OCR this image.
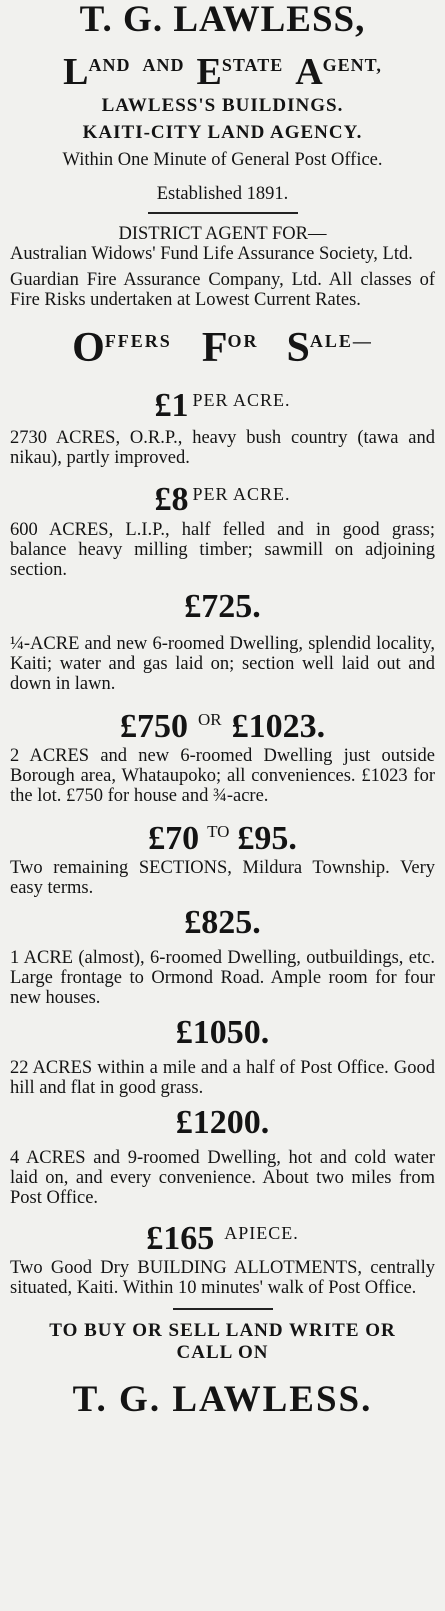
T. G. LAWLESS,
LAND AND ESTATE AGENT,
LAWLESS'S BUILDINGS.
KAITI-CITY LAND AGENCY.
Within One Minute of General Post Office.
Established 1891.
DISTRICT AGENT FOR—
Australian Widows' Fund Life Assurance Society, Ltd.
Guardian Fire Assurance Company, Ltd. All classes of Fire Risks undertaken at Lowest Current Rates.
OFFERS FOR SALE—
£1 PER ACRE.
2730 ACRES, O.R.P., heavy bush country (tawa and nikau), partly improved.
£8 PER ACRE.
600 ACRES, L.I.P., half felled and in good grass; balance heavy milling timber; sawmill on adjoining section.
£725.
¼-ACRE and new 6-roomed Dwelling, splendid locality, Kaiti; water and gas laid on; section well laid out and down in lawn.
£750 OR £1023.
2 ACRES and new 6-roomed Dwelling just outside Borough area, Whataupoko; all conveniences. £1023 for the lot. £750 for house and ¾-acre.
£70 TO £95.
Two remaining SECTIONS, Mildura Township. Very easy terms.
£825.
1 ACRE (almost), 6-roomed Dwelling, outbuildings, etc. Large frontage to Ormond Road. Ample room for four new houses.
£1050.
22 ACRES within a mile and a half of Post Office. Good hill and flat in good grass.
£1200.
4 ACRES and 9-roomed Dwelling, hot and cold water laid on, and every convenience. About two miles from Post Office.
£165 APIECE.
Two Good Dry BUILDING ALLOTMENTS, centrally situated, Kaiti. Within 10 minutes' walk of Post Office.
TO BUY OR SELL LAND WRITE OR CALL ON
T. G. LAWLESS.
